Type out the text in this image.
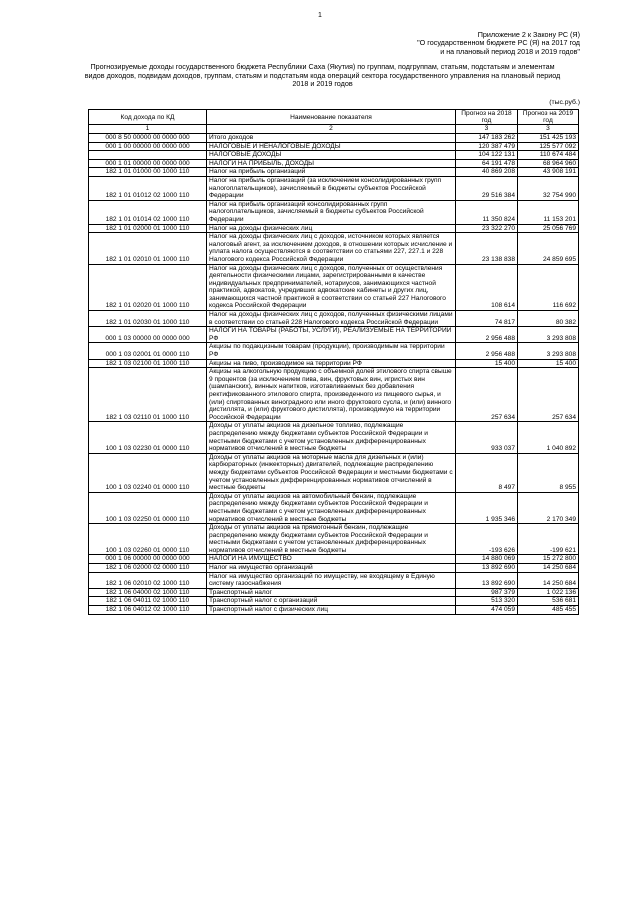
1
Приложение 2 к Закону РС (Я)
"О государственном бюджете РС (Я) на 2017 год
и на плановый период 2018 и 2019 годов"
Прогнозируемые доходы государственного бюджета Республики Саха (Якутия) по группам, подгруппам, статьям, подстатьям и элементам видов доходов, подвидам доходов, группам, статьям и подстатьям кода операций сектора государственного управления на плановый период 2018 и 2019 годов
(тыс.руб.)
Код дохода по КД	Наименование показателя	Прогноз на 2018 год	Прогноз на 2019 год
1	2	3	3
000 8 50 00000 00 0000 000	Итого доходов	147 183 262	151 425 193
000 1 00 00000 00 0000 000	НАЛОГОВЫЕ И НЕНАЛОГОВЫЕ ДОХОДЫ	120 387 479	125 577 092
	НАЛОГОВЫЕ ДОХОДЫ	104 122 131	110 674 484
000 1 01 00000 00 0000 000	НАЛОГИ НА ПРИБЫЛЬ, ДОХОДЫ	64 191 478	68 964 960
182 1 01 01000 00 1000 110	Налог на прибыль организаций	40 869 208	43 908 191
182 1 01 01012 02 1000 110	Налог на прибыль организаций (за исключением консолидированных групп налогоплательщиков), зачисляемый в бюджеты субъектов Российской Федерации	29 516 384	32 754 990
182 1 01 01014 02 1000 110	Налог на прибыль организаций консолидированных групп налогоплательщиков, зачисляемый в бюджеты субъектов Российской Федерации	11 350 824	11 153 201
182 1 01 02000 01 1000 110	Налог на доходы физических лиц	23 322 270	25 056 769
182 1 01 02010 01 1000 110	Налог на доходы физических лиц с доходов, источником которых является налоговый агент, за исключением доходов, в отношении которых исчисление и уплата налога осуществляются в соответствии со статьями 227, 227.1 и 228 Налогового кодекса Российской Федерации	23 138 838	24 859 695
182 1 01 02020 01 1000 110	Налог на доходы физических лиц с доходов, полученных от осуществления деятельности физическими лицами, зарегистрированными в качестве индивидуальных предпринимателей, нотариусов, занимающихся частной практикой, адвокатов, учредивших адвокатские кабинеты и других лиц, занимающихся частной практикой в соответствии со статьей 227 Налогового кодекса Российской Федерации	108 614	116 692
182 1 01 02030 01 1000 110	Налог на доходы физических лиц с доходов, полученных физическими лицами в соответствии со статьей 228 Налогового кодекса Российской Федерации	74 817	80 382
000 1 03 00000 00 0000 000	НАЛОГИ НА ТОВАРЫ (РАБОТЫ, УСЛУГИ), РЕАЛИЗУЕМЫЕ НА ТЕРРИТОРИИ РФ	2 956 488	3 293 808
000 1 03 02001 01 0000 110	Акцизы по подакцизным товарам (продукции), производимым на территории РФ	2 956 488	3 293 808
182 1 03 02100 01 1000 110	Акцизы на пиво, производимое на территории РФ	15 400	15 400
182 1 03 02110 01 1000 110	Акцизы на алкогольную продукцию с объемной долей этилового спирта свыше 9 процентов (за исключением пива, вин, фруктовых вин, игристых вин (шампанских), винных напитков, изготавливаемых без добавления ректификованного этилового спирта, произведенного из пищевого сырья, и (или) спиртованных виноградного или иного фруктового сусла, и (или) винного дистиллята, и (или) фруктового дистиллята), производимую на территории Российской Федерации	257 634	257 634
100 1 03 02230 01 0000 110	Доходы от уплаты акцизов на дизельное топливо, подлежащие распределению между бюджетами субъектов Российской Федерации и местными бюджетами с учетом установленных дифференцированных нормативов отчислений в местные бюджеты	933 037	1 040 892
100 1 03 02240 01 0000 110	Доходы от уплаты акцизов на моторные масла для дизельных и (или) карбюраторных (инжекторных) двигателей, подлежащие распределению между бюджетами субъектов Российской Федерации и местными бюджетами с учетом установленных дифференцированных нормативов отчислений в местные бюджеты	8 497	8 955
100 1 03 02250 01 0000 110	Доходы от уплаты акцизов на автомобильный бензин, подлежащие распределению между бюджетами субъектов Российской Федерации и местными бюджетами с учетом установленных дифференцированных нормативов отчислений в местные бюджеты	1 935 346	2 170 349
100 1 03 02260 01 0000 110	Доходы от уплаты акцизов на прямогонный бензин, подлежащие распределению между бюджетами субъектов Российской Федерации и местными бюджетами с учетом установленных дифференцированных нормативов отчислений в местные бюджеты	-193 626	-199 621
000 1 06 00000 00 0000 000	НАЛОГИ НА ИМУЩЕСТВО	14 880 069	15 272 800
182 1 06 02000 02 0000 110	Налог на имущество организаций	13 892 690	14 250 684
182 1 06 02010 02 1000 110	Налог на имущество организаций по имуществу, не входящему в Единую систему газоснабжения	13 892 690	14 250 684
182 1 06 04000 02 1000 110	Транспортный налог	987 379	1 022 136
182 1 06 04011 02 1000 110	Транспортный налог с организаций	513 320	536 681
182 1 06 04012 02 1000 110	Транспортный налог с физических лиц	474 059	485 455
